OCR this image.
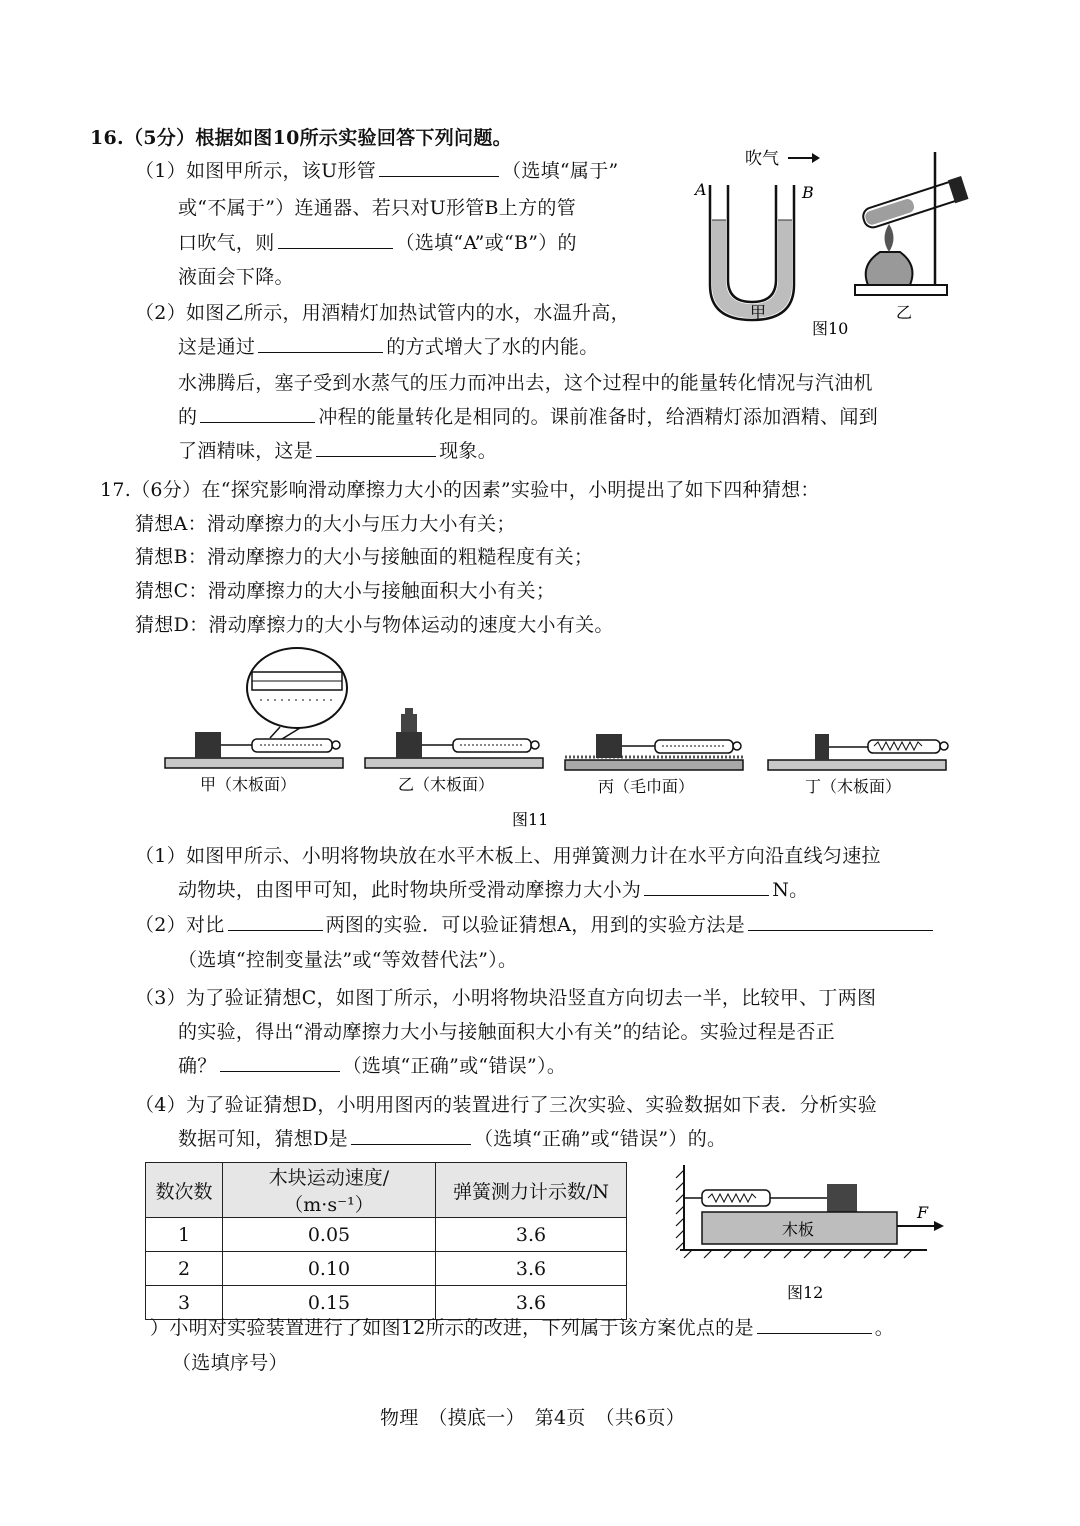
16.（5分）根据如图10所示实验回答下列问题。
（1）如图甲所示，该U形管	（选填“属于”
或“不属于”）连通器、若只对U形管B上方的管
口吹气，则	（选填“A”或“B”）的
液面会下降。
（2）如图乙所示，用酒精灯加热试管内的水，水温升高，
这是通过	的方式增大了水的内能。
水沸腾后，塞子受到水蒸气的压力而冲出去，这个过程中的能量转化情况与汽油机
的	冲程的能量转化是相同的。课前准备时，给酒精灯添加酒精、闻到
了酒精味，这是	现象。
吹气
A	B
甲
图10
乙
17.（6分）在“探究影响滑动摩擦力大小的因素”实验中，小明提出了如下四种猜想：
猜想A：滑动摩擦力的大小与压力大小有关；
猜想B：滑动摩擦力的大小与接触面的粗糙程度有关；
猜想C：滑动摩擦力的大小与接触面积大小有关；
猜想D：滑动摩擦力的大小与物体运动的速度大小有关。
甲（木板面）	乙（木板面）	丙（毛巾面）	丁（木板面）
图11
（1）如图甲所示、小明将物块放在水平木板上、用弹簧测力计在水平方向沿直线匀速拉
动物块，由图甲可知，此时物块所受滑动摩擦力大小为	N。
（2）对比	两图的实验．可以验证猜想A，用到的实验方法是
（选填“控制变量法”或“等效替代法”）。
（3）为了验证猜想C，如图丁所示，小明将物块沿竖直方向切去一半，比较甲、丁两图
的实验，得出“滑动摩擦力大小与接触面积大小有关”的结论。实验过程是否正
确？	（选填“正确”或“错误”）。
（4）为了验证猜想D，小明用图丙的装置进行了三次实验、实验数据如下表．分析实验
数据可知，猜想D是	（选填“正确”或“错误”）的。
数次数	木块运动速度/（m·s⁻¹）	弹簧测力计示数/N
1	0.05	3.6
2	0.10	3.6
3	0.15	3.6
木板
F
图12
）小明对实验装置进行了如图12所示的改进，下列属于该方案优点的是	。
（选填序号）
物理　（摸底一）　第4页　（共6页）
